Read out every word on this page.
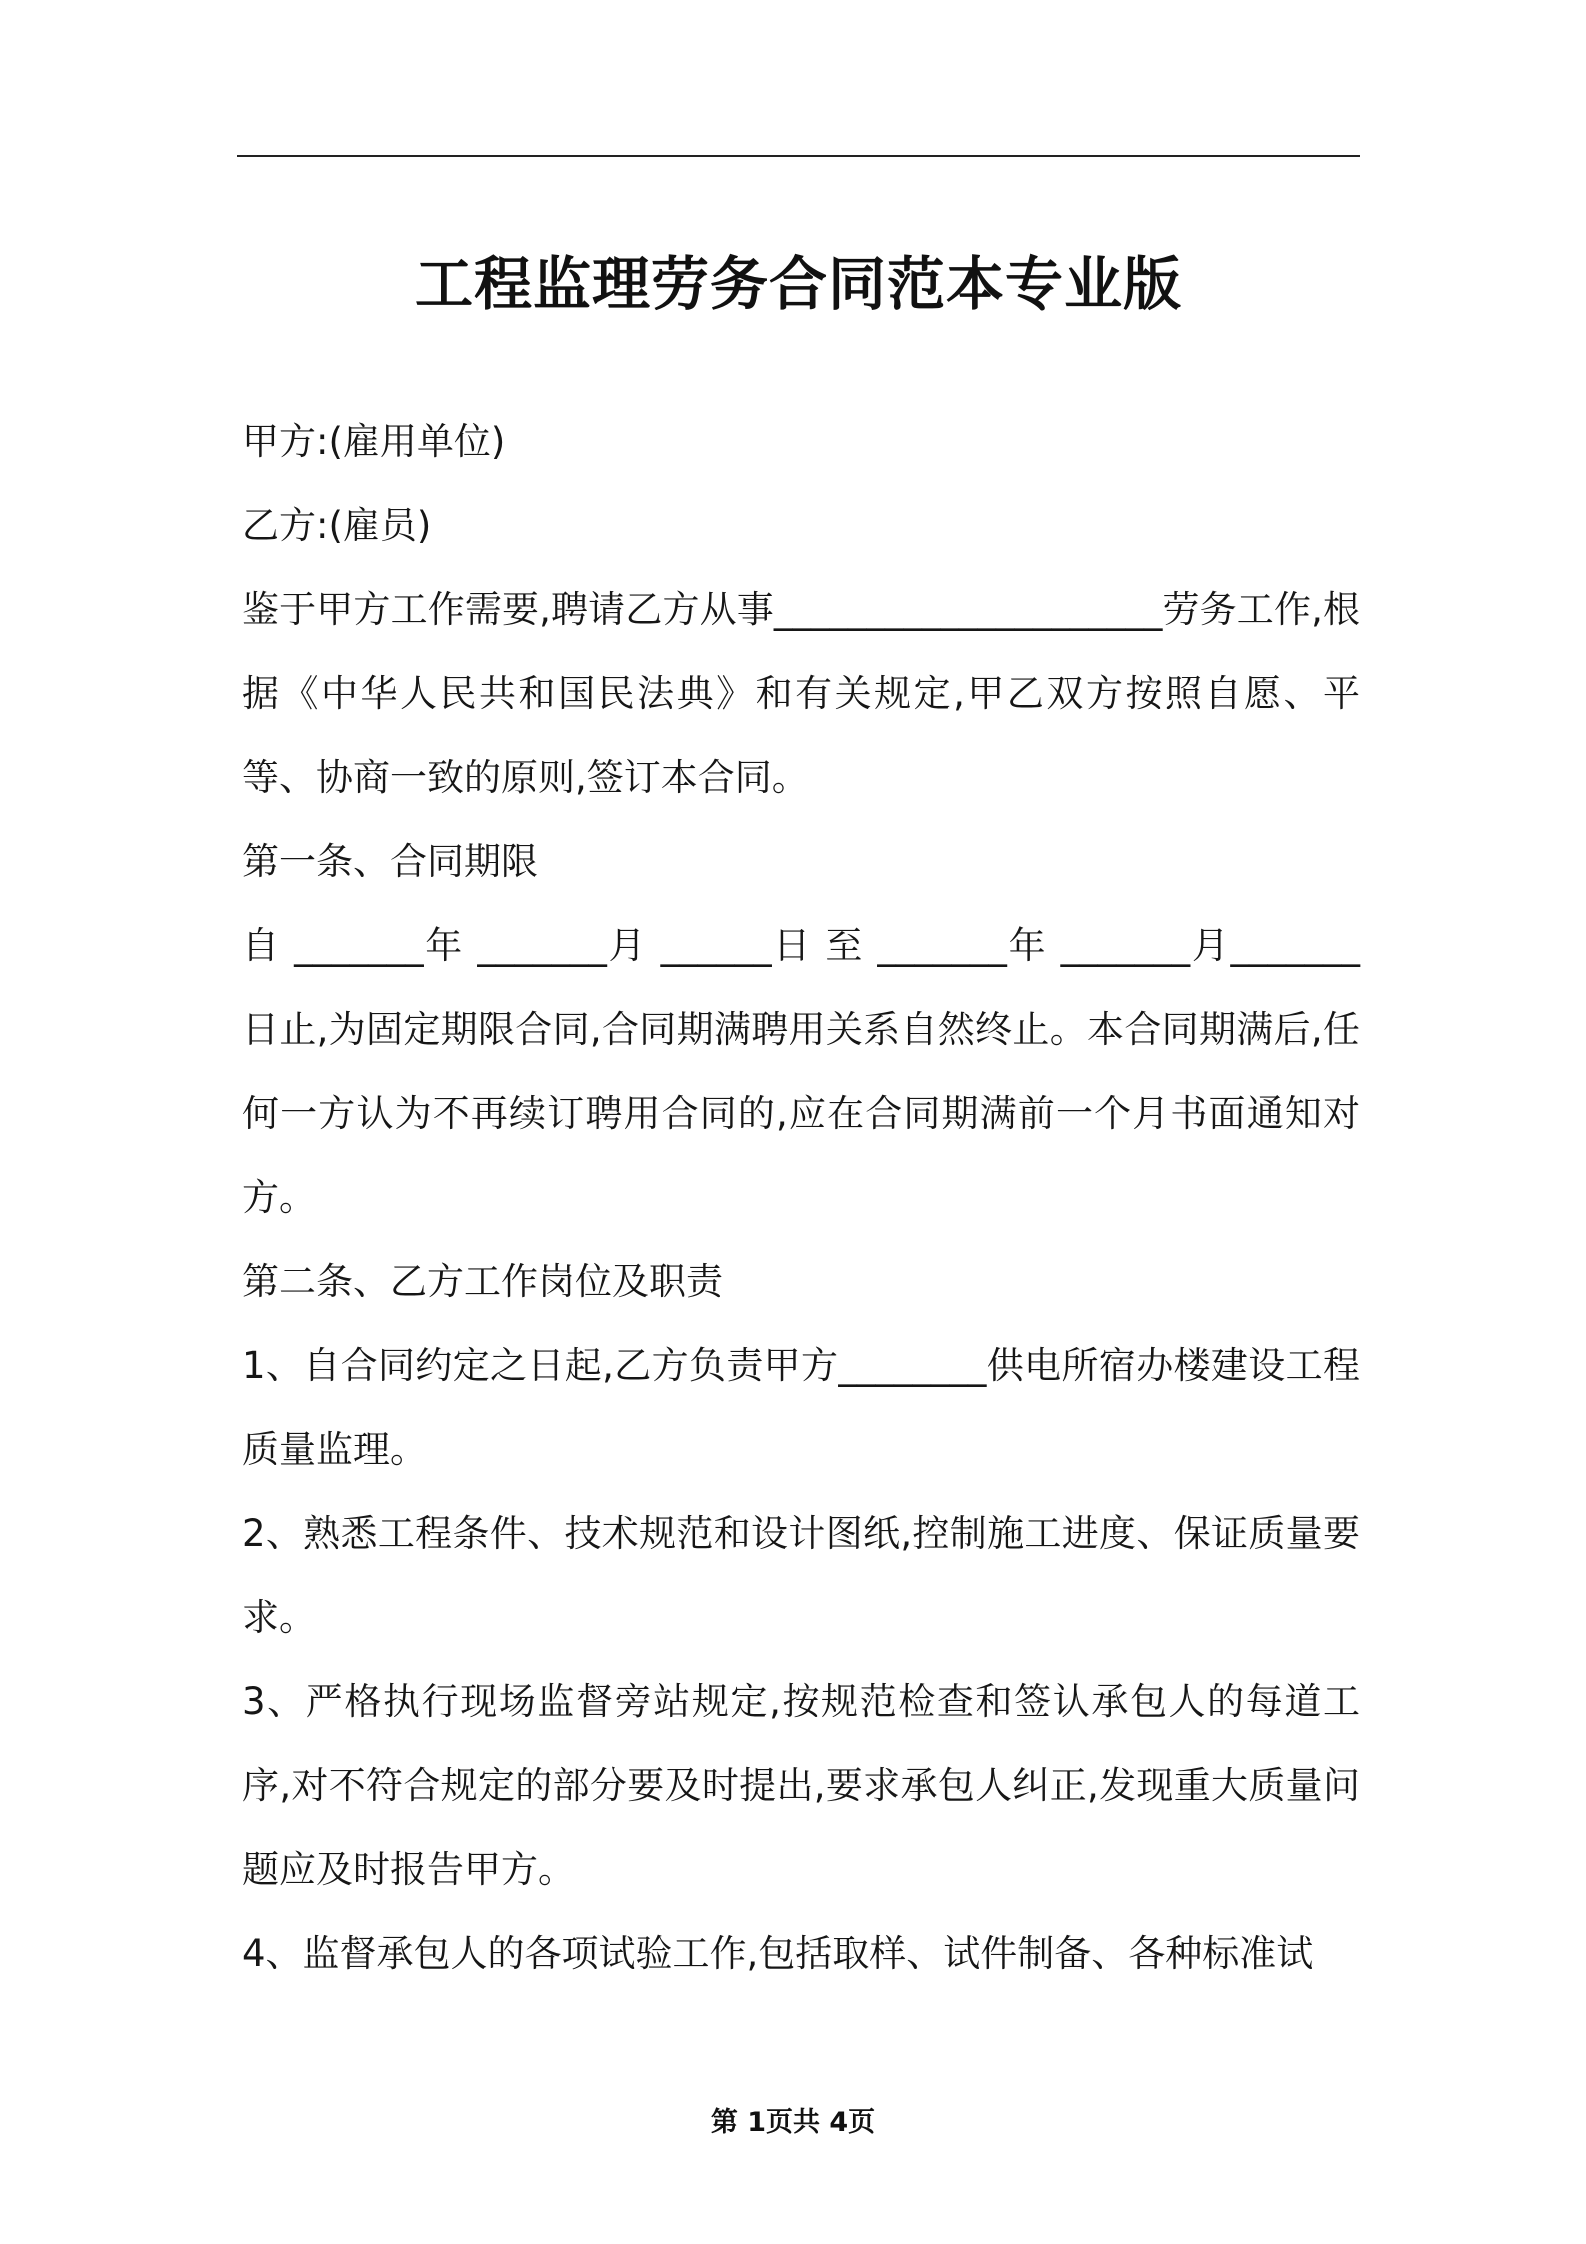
工程监理劳务合同范本专业版

甲方:(雇用单位)

乙方:(雇员)

鉴于甲方工作需要,聘请乙方从事_____________________劳务工作,根据《中华人民共和国民法典》和有关规定,甲乙双方按照自愿、平等、协商一致的原则,签订本合同。

第一条、合同期限

自 _______年 _______月 ______日 至 _______年 _______月_______日止,为固定期限合同,合同期满聘用关系自然终止。本合同期满后,任何一方认为不再续订聘用合同的,应在合同期满前一个月书面通知对方。

第二条、乙方工作岗位及职责

1、自合同约定之日起,乙方负责甲方________供电所宿办楼建设工程质量监理。

2、熟悉工程条件、技术规范和设计图纸,控制施工进度、保证质量要求。

3、严格执行现场监督旁站规定,按规范检查和签认承包人的每道工序,对不符合规定的部分要及时提出,要求承包人纠正,发现重大质量问题应及时报告甲方。

4、监督承包人的各项试验工作,包括取样、试件制备、各种标准试

第 1页共 4页
